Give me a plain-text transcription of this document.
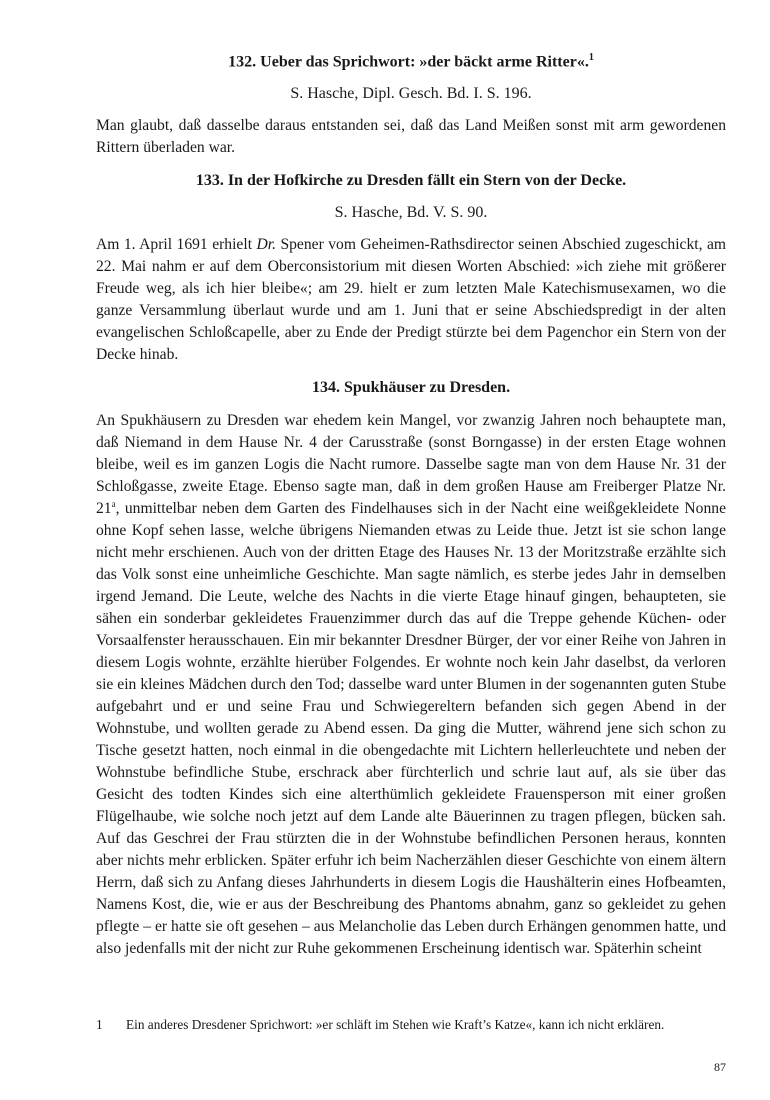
132. Ueber das Sprichwort: »der bäckt arme Ritter«.$^1$
S. Hasche, Dipl. Gesch. Bd. I. S. 196.

Man glaubt, daß dasselbe daraus entstanden sei, daß das Land Meißen sonst mit arm gewordenen Rittern überladen war.

133. In der Hofkirche zu Dresden fällt ein Stern von der Decke.
S. Hasche, Bd. V. S. 90.

Am 1. April 1691 erhielt Dr. Spener vom Geheimen-Rathsdirector seinen Abschied zugeschickt, am 22. Mai nahm er auf dem Oberconsistorium mit diesen Worten Abschied: »ich ziehe mit größerer Freude weg, als ich hier bleibe«; am 29. hielt er zum letzten Male Katechismusexamen, wo die ganze Versammlung überlaut wurde und am 1. Juni that er seine Abschiedspredigt in der alten evangelischen Schloßcapelle, aber zu Ende der Predigt stürzte bei dem Pagenchor ein Stern von der Decke hinab.

134. Spukhäuser zu Dresden.

An Spukhäusern zu Dresden war ehedem kein Mangel, vor zwanzig Jahren noch behauptete man, daß Niemand in dem Hause Nr. 4 der Carusstraße (sonst Borngasse) in der ersten Etage wohnen bleibe, weil es im ganzen Logis die Nacht rumore. Dasselbe sagte man von dem Hause Nr. 31 der Schloßgasse, zweite Etage. Ebenso sagte man, daß in dem großen Hause am Freiberger Platze Nr. 21$^a$, unmittelbar neben dem Garten des Findelhauses sich in der Nacht eine weißgekleidete Nonne ohne Kopf sehen lasse, welche übrigens Niemanden etwas zu Leide thue. Jetzt ist sie schon lange nicht mehr erschienen. Auch von der dritten Etage des Hauses Nr. 13 der Moritzstraße erzählte sich das Volk sonst eine unheimliche Geschichte. Man sagte nämlich, es sterbe jedes Jahr in demselben irgend Jemand. Die Leute, welche des Nachts in die vierte Etage hinauf gingen, behaupteten, sie sähen ein sonderbar gekleidetes Frauenzimmer durch das auf die Treppe gehende Küchen- oder Vorsaalfenster herausschauen. Ein mir bekannter Dresdner Bürger, der vor einer Reihe von Jahren in diesem Logis wohnte, erzählte hierüber Folgendes. Er wohnte noch kein Jahr daselbst, da verloren sie ein kleines Mädchen durch den Tod; dasselbe ward unter Blumen in der sogenannten guten Stube aufgebahrt und er und seine Frau und Schwiegereltern befanden sich gegen Abend in der Wohnstube, und wollten gerade zu Abend essen. Da ging die Mutter, während jene sich schon zu Tische gesetzt hatten, noch einmal in die obengedachte mit Lichtern hellerleuchtete und neben der Wohnstube befindliche Stube, erschrack aber fürchterlich und schrie laut auf, als sie über das Gesicht des todten Kindes sich eine alterthümlich gekleidete Frauensperson mit einer großen Flügelhaube, wie solche noch jetzt auf dem Lande alte Bäuerinnen zu tragen pflegen, bücken sah. Auf das Geschrei der Frau stürzten die in der Wohnstube befindlichen Personen heraus, konnten aber nichts mehr erblicken. Später erfuhr ich beim Nacherzählen dieser Geschichte von einem ältern Herrn, daß sich zu Anfang dieses Jahrhunderts in diesem Logis die Haushälterin eines Hofbeamten, Namens Kost, die, wie er aus der Beschreibung des Phantoms abnahm, ganz so gekleidet zu gehen pflegte – er hatte sie oft gesehen – aus Melancholie das Leben durch Erhängen genommen hatte, und also jedenfalls mit der nicht zur Ruhe gekommenen Erscheinung identisch war. Späterhin scheint

1	Ein anderes Dresdener Sprichwort: »er schläft im Stehen wie Kraft’s Katze«, kann ich nicht erklären.
87
